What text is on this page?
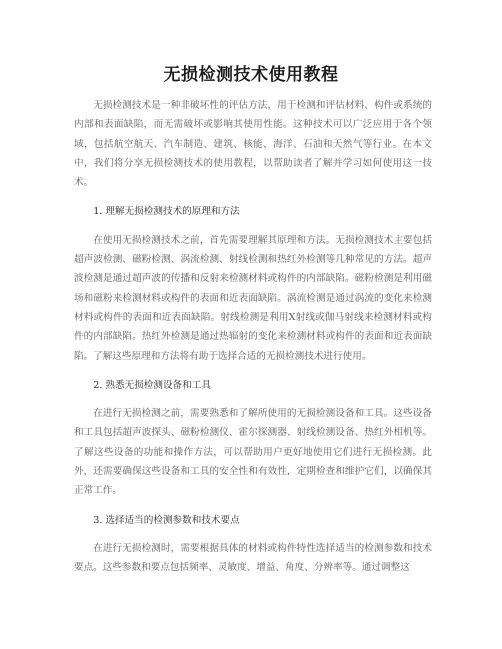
无损检测技术使用教程

无损检测技术是一种非破坏性的评估方法，用于检测和评估材料、构件或系统的内部和表面缺陷，而无需破坏或影响其使用性能。这种技术可以广泛应用于各个领域，包括航空航天、汽车制造、建筑、核能、海洋、石油和天然气等行业。在本文中，我们将分享无损检测技术的使用教程，以帮助读者了解并学习如何使用这一技术。

1. 理解无损检测技术的原理和方法

在使用无损检测技术之前，首先需要理解其原理和方法。无损检测技术主要包括超声波检测、磁粉检测、涡流检测、射线检测和热红外检测等几种常见的方法。超声波检测是通过超声波的传播和反射来检测材料或构件的内部缺陷。磁粉检测是利用磁场和磁粉来检测材料或构件的表面和近表面缺陷。涡流检测是通过涡流的变化来检测材料或构件的表面和近表面缺陷。射线检测是利用X射线或伽马射线来检测材料或构件的内部缺陷。热红外检测是通过热辐射的变化来检测材料或构件的表面和近表面缺陷。了解这些原理和方法将有助于选择合适的无损检测技术进行使用。

2. 熟悉无损检测设备和工具

在进行无损检测之前，需要熟悉和了解所使用的无损检测设备和工具。这些设备和工具包括超声波探头、磁粉检测仪、霍尔探测器、射线检测设备、热红外相机等。了解这些设备的功能和操作方法，可以帮助用户更好地使用它们进行无损检测。此外，还需要确保这些设备和工具的安全性和有效性，定期检查和维护它们，以确保其正常工作。

3. 选择适当的检测参数和技术要点

在进行无损检测时，需要根据具体的材料或构件特性选择适当的检测参数和技术要点。这些参数和要点包括频率、灵敏度、增益、角度、分辨率等。通过调整这
